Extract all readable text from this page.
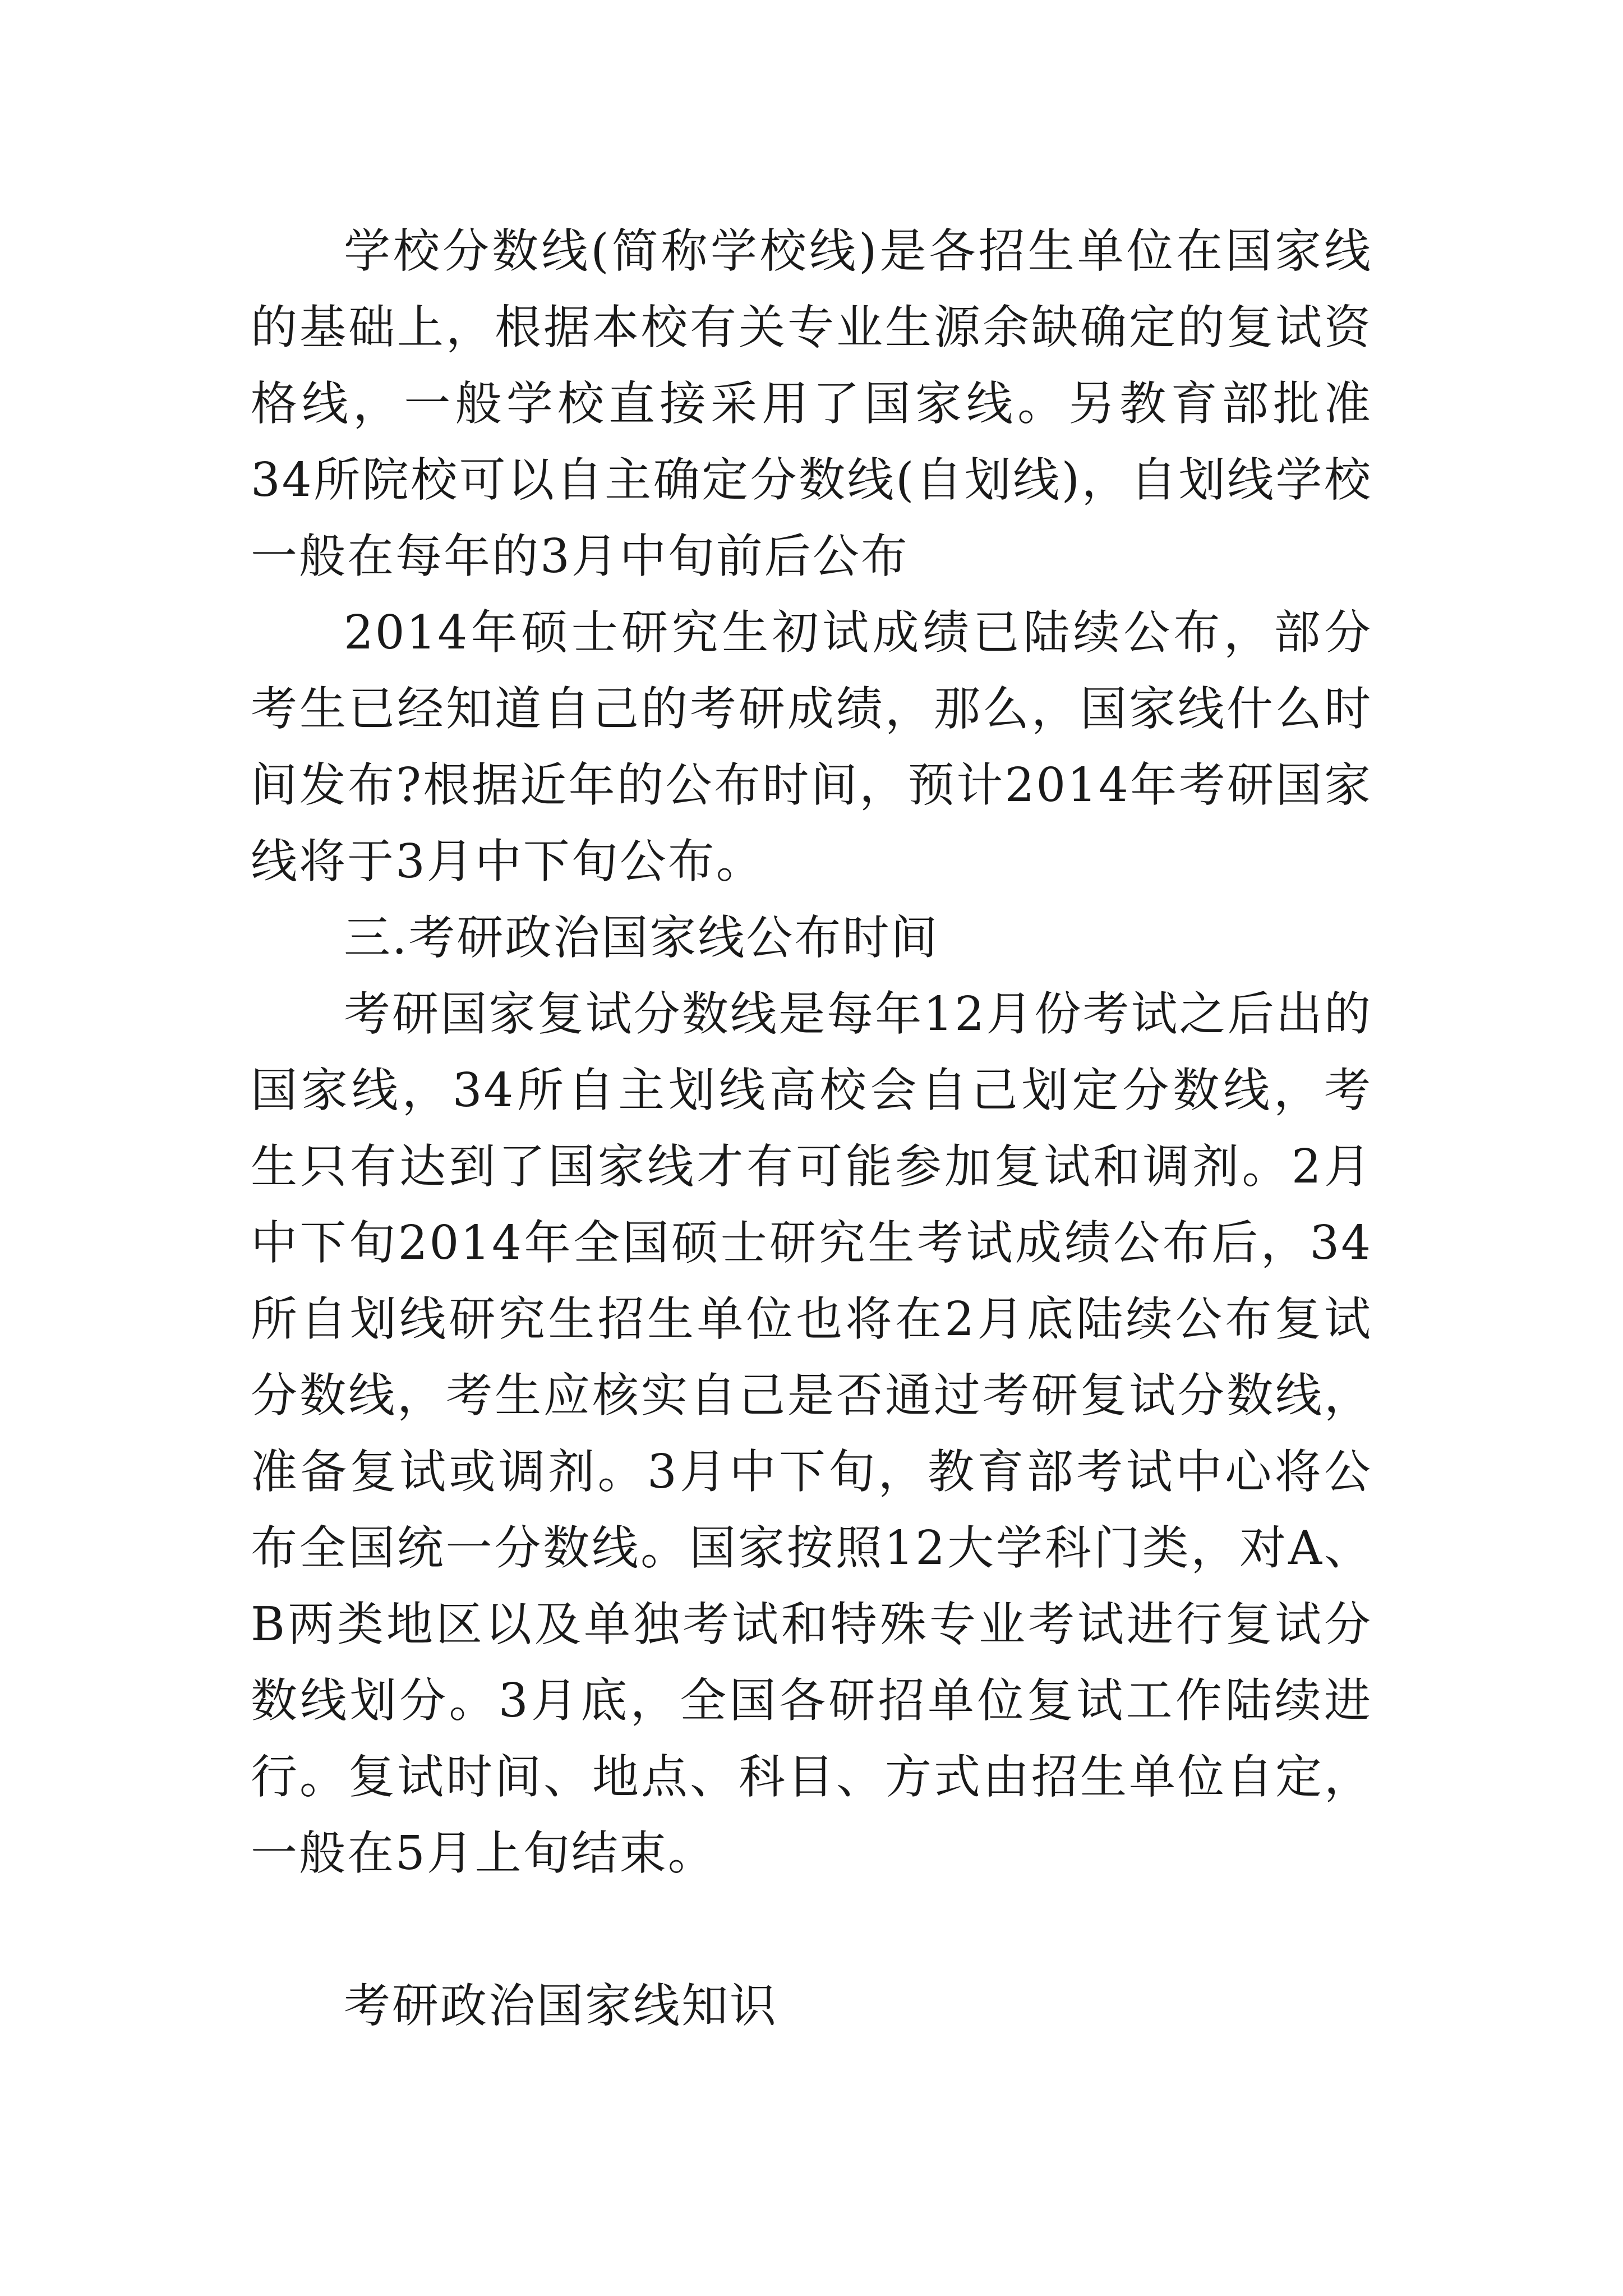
学校分数线(简称学校线)是各招生单位在国家线的基础上，根据本校有关专业生源余缺确定的复试资格线，一般学校直接采用了国家线。另教育部批准34所院校可以自主确定分数线(自划线)，自划线学校一般在每年的3月中旬前后公布

2014年硕士研究生初试成绩已陆续公布，部分考生已经知道自己的考研成绩，那么，国家线什么时间发布?根据近年的公布时间，预计2014年考研国家线将于3月中下旬公布。

三.考研政治国家线公布时间

考研国家复试分数线是每年12月份考试之后出的国家线，34所自主划线高校会自己划定分数线，考生只有达到了国家线才有可能参加复试和调剂。2月中下旬2014年全国硕士研究生考试成绩公布后，34所自划线研究生招生单位也将在2月底陆续公布复试分数线，考生应核实自己是否通过考研复试分数线，准备复试或调剂。3月中下旬，教育部考试中心将公布全国统一分数线。国家按照12大学科门类，对A、B两类地区以及单独考试和特殊专业考试进行复试分数线划分。3月底，全国各研招单位复试工作陆续进行。复试时间、地点、科目、方式由招生单位自定，一般在5月上旬结束。

考研政治国家线知识
